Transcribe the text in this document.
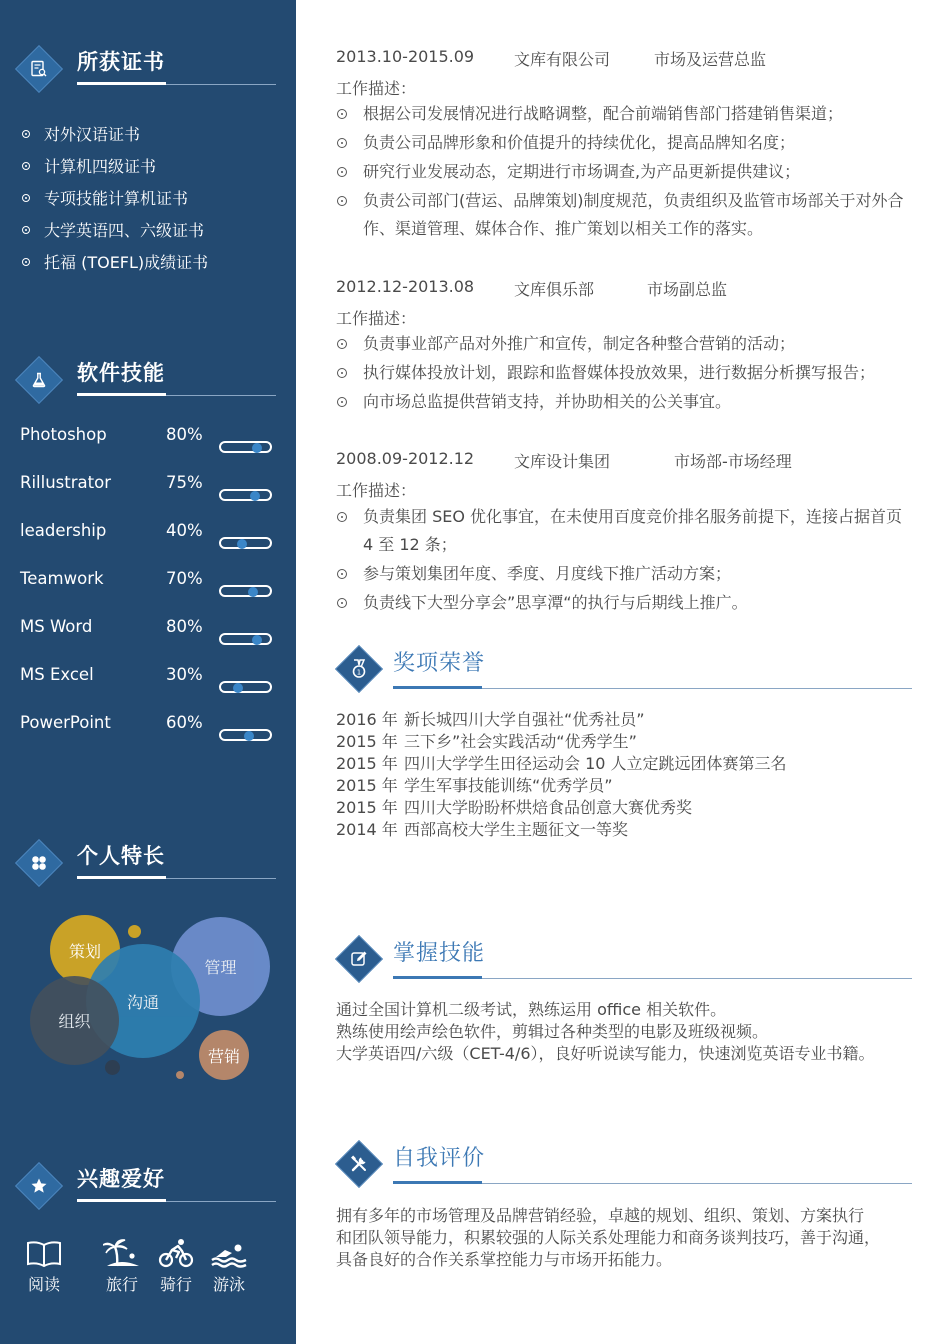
所获证书
对外汉语证书
计算机四级证书
专项技能计算机证书
大学英语四、六级证书
托福 (TOEFL)成绩证书
软件技能
Photoshop	80%
Rillustrator	75%
leadership	40%
Teamwork	70%
MS Word	80%
MS Excel	30%
PowerPoint	60%
个人特长
策划
管理
沟通
组织
营销
兴趣爱好
阅读	旅行	骑行	游泳
2013.10-2015.09 文库有限公司	市场及运营总监
工作描述：
根据公司发展情况进行战略调整，配合前端销售部门搭建销售渠道；
负责公司品牌形象和价值提升的持续优化，提高品牌知名度；
研究行业发展动态，定期进行市场调查,为产品更新提供建议；
负责公司部门(营运、品牌策划)制度规范，负责组织及监管市场部关于对外合作、渠道管理、媒体合作、推广策划以相关工作的落实。
2012.12-2013.08 文库俱乐部	市场副总监
工作描述：
负责事业部产品对外推广和宣传，制定各种整合营销的活动；
执行媒体投放计划，跟踪和监督媒体投放效果，进行数据分析撰写报告；
向市场总监提供营销支持，并协助相关的公关事宜。
2008.09-2012.12 文库设计集团	市场部-市场经理
工作描述：
负责集团 SEO 优化事宜，在未使用百度竞价排名服务前提下，连接占据首页 4 至 12 条；
参与策划集团年度、季度、月度线下推广活动方案；
负责线下大型分享会”思享潭“的执行与后期线上推广。
1 奖项荣誉
2016 年 新长城四川大学自强社“优秀社员”
2015 年 三下乡”社会实践活动“优秀学生”
2015 年 四川大学学生田径运动会 10 人立定跳远团体赛第三名
2015 年 学生军事技能训练“优秀学员”
2015 年 四川大学盼盼杯烘焙食品创意大赛优秀奖
2014 年 西部高校大学生主题征文一等奖
掌握技能
通过全国计算机二级考试，熟练运用 office 相关软件。
熟练使用绘声绘色软件，剪辑过各种类型的电影及班级视频。
大学英语四/六级（CET-4/6），良好听说读写能力，快速浏览英语专业书籍。
自我评价
拥有多年的市场管理及品牌营销经验，卓越的规划、组织、策划、方案执行
和团队领导能力，积累较强的人际关系处理能力和商务谈判技巧，善于沟通，
具备良好的合作关系掌控能力与市场开拓能力。
